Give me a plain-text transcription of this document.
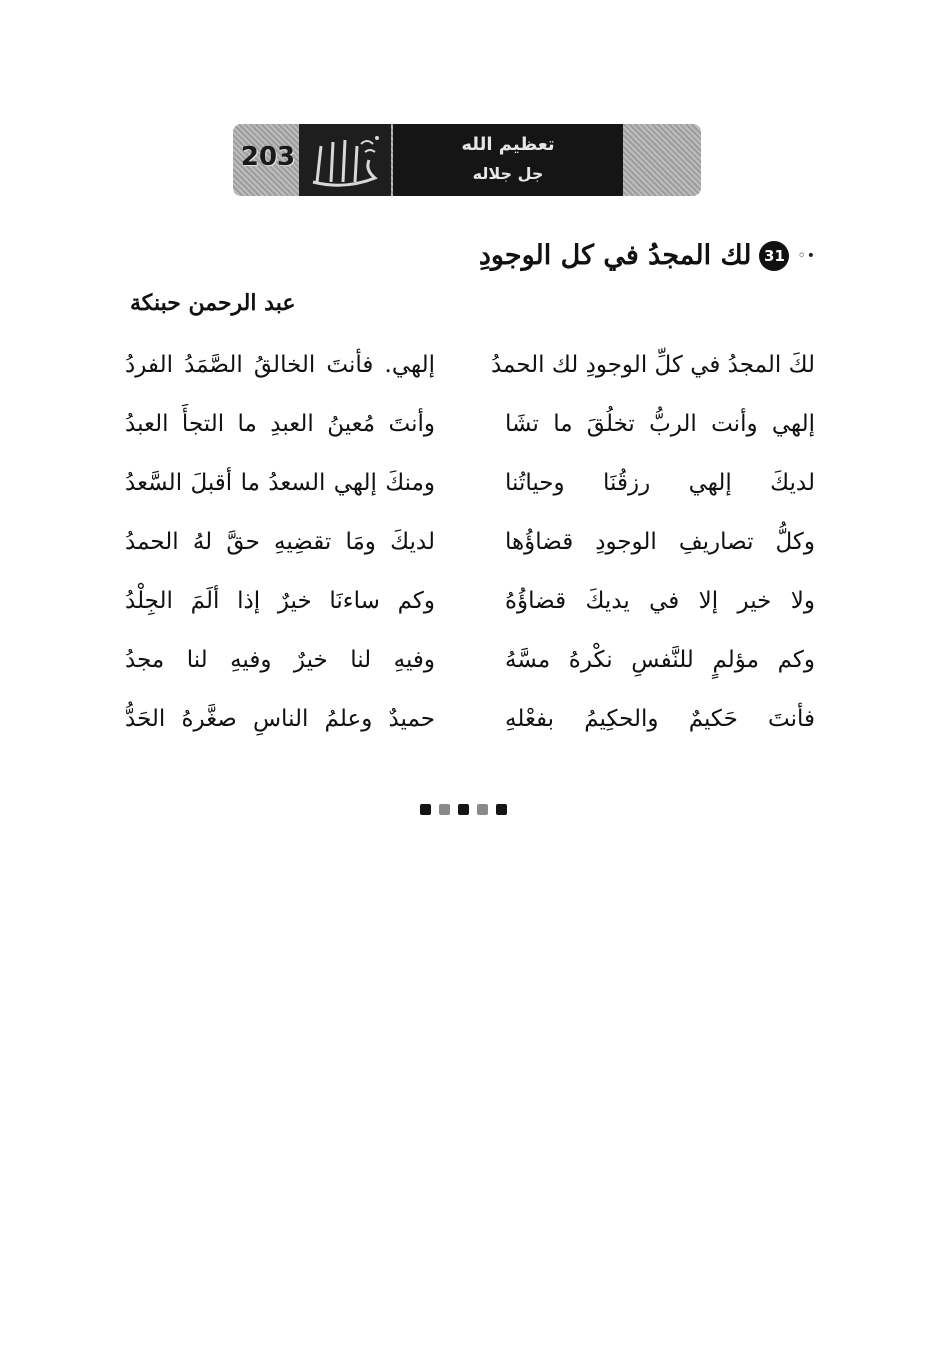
203	تعظيم الله
جل جلاله
•◦
31
لك المجدُ في كل الوجودِ
عبد الرحمن حبنكة
لكَ المجدُ في كلِّ الوجودِ لك الحمدُ
إلهي. فأنتَ الخالقُ الصَّمَدُ الفردُ
إلهي وأنت الربُّ تخلُقَ ما تشَا
وأنتَ مُعينُ العبدِ ما التجأَ العبدُ
لديكَ إلهي رزقُنَا وحياتُنا
ومنكَ إلهي السعدُ ما أقبلَ السَّعدُ
وكلُّ تصاريفِ الوجودِ قضاؤُها
لديكَ ومَا تقضِيهِ حقَّ لهُ الحمدُ
ولا خير إلا في يديكَ قضاؤُهُ
وكم ساءنَا خيرٌ إذا ألَمَ الجِلْدُ
وكم مؤلمٍ للنَّفسِ نكْرهُ مسَّهُ
وفيهِ لنا خيرٌ وفيهِ لنا مجدُ
فأنتَ حَكيمٌ والحكِيمُ بفعْلهِ
حميدٌ وعلمُ الناسِ صغَّرهُ الحَدُّ
